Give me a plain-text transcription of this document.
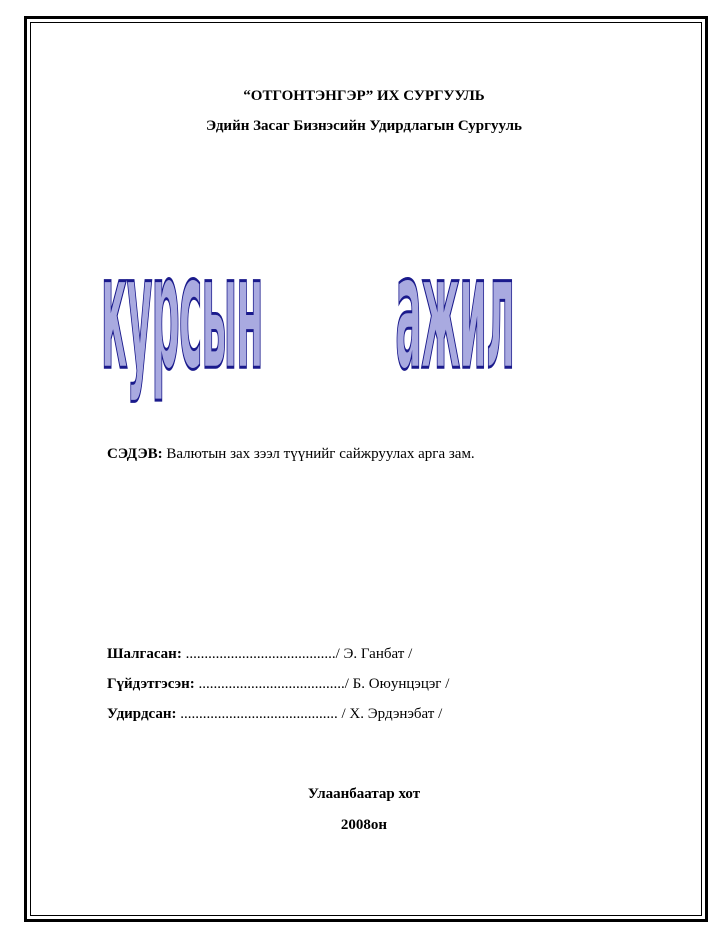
“ОТГОНТЭНГЭР” ИХ СУРГУУЛЬ
Эдийн Засаг Бизнэсийн Удирдлагын Сургууль
курсын	ажил
СЭДЭВ: Валютын зах зээл түүнийг сайжруулах арга зам.
Шалгасан: ......................................../ Э. Ганбат /
Гүйдэтгэсэн: ......................................./ Б. Оюунцэцэг /
Удирдсан: .......................................... / Х. Эрдэнэбат /
Улаанбаатар хот
2008он
